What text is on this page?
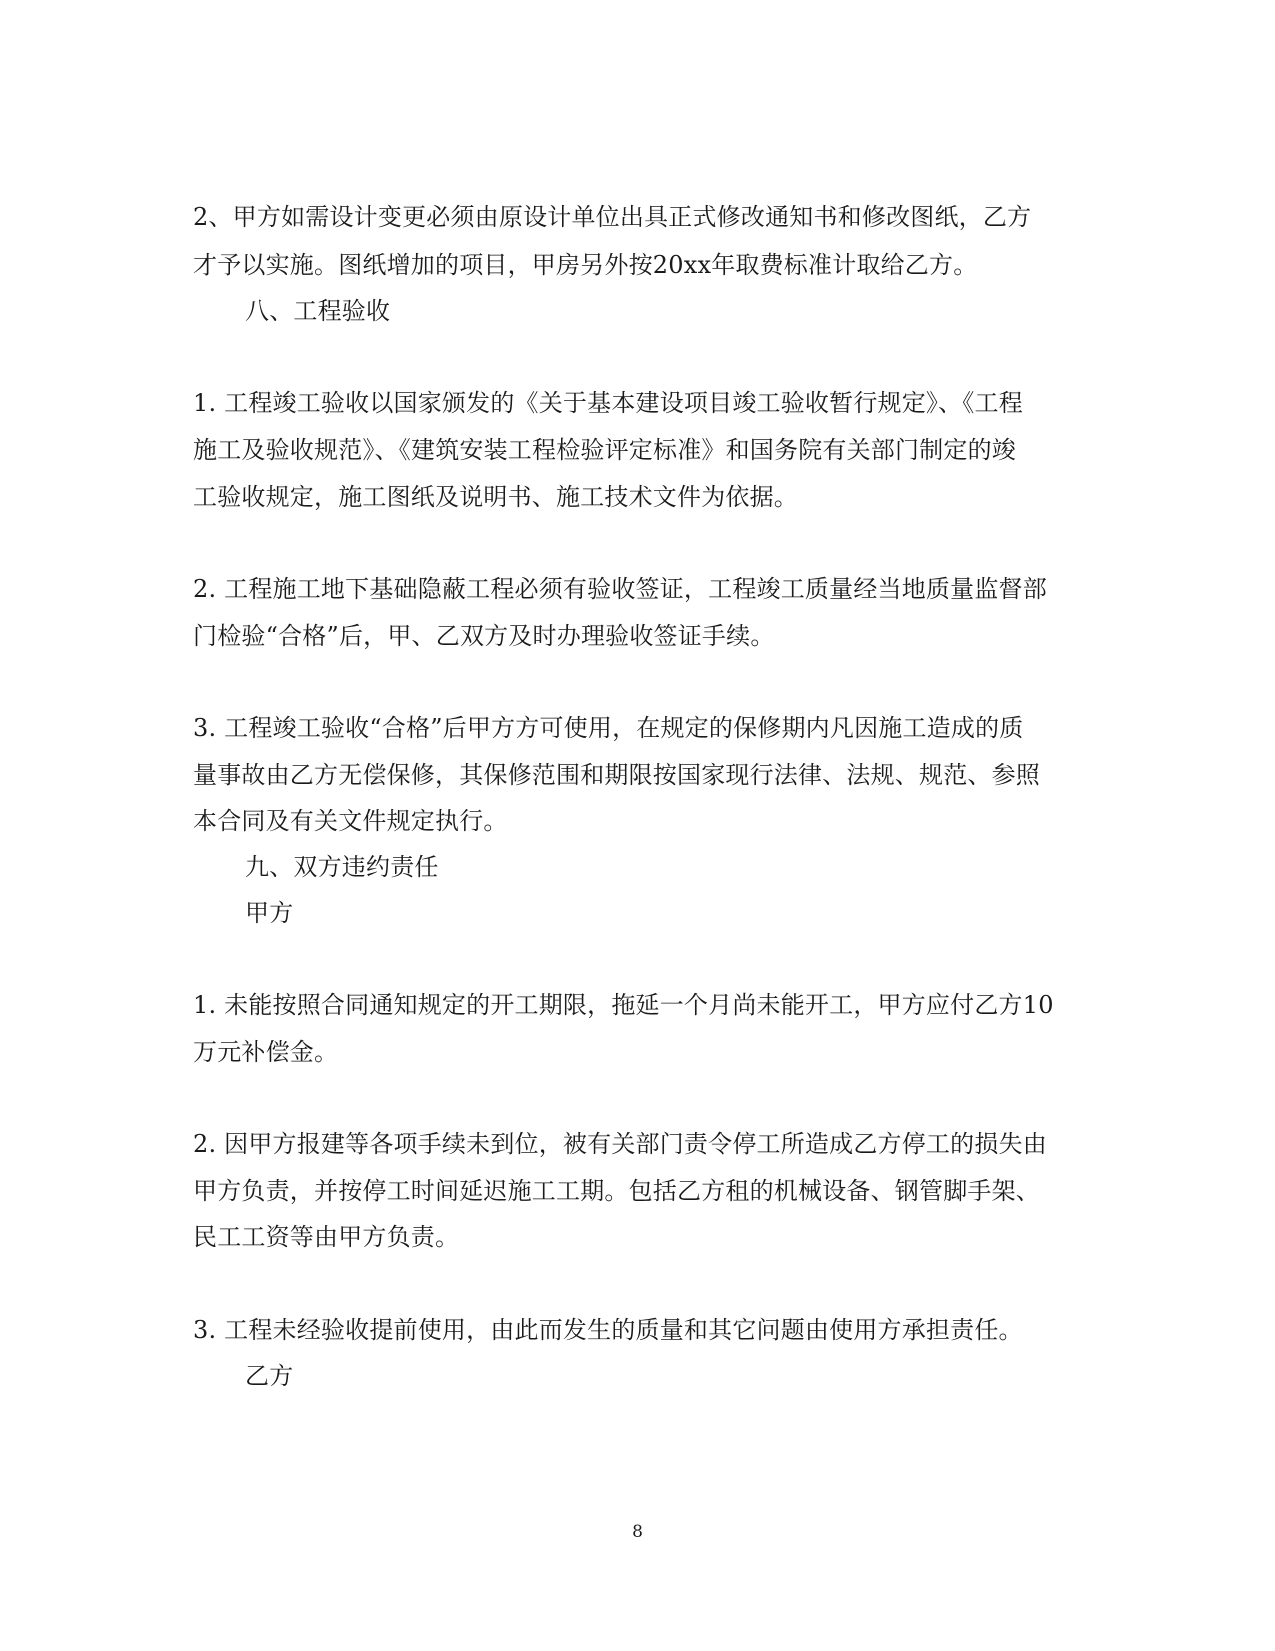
2、甲方如需设计变更必须由原设计单位出具正式修改通知书和修改图纸，乙方
才予以实施。图纸增加的项目，甲房另外按20xx年取费标准计取给乙方。
八、工程验收
1. 工程竣工验收以国家颁发的《关于基本建设项目竣工验收暂行规定》、《工程
施工及验收规范》、《建筑安装工程检验评定标准》和国务院有关部门制定的竣
工验收规定，施工图纸及说明书、施工技术文件为依据。
2. 工程施工地下基础隐蔽工程必须有验收签证，工程竣工质量经当地质量监督部
门检验“合格”后，甲、乙双方及时办理验收签证手续。
3. 工程竣工验收“合格”后甲方方可使用，在规定的保修期内凡因施工造成的质
量事故由乙方无偿保修，其保修范围和期限按国家现行法律、法规、规范、参照
本合同及有关文件规定执行。
九、双方违约责任
甲方
1. 未能按照合同通知规定的开工期限，拖延一个月尚未能开工，甲方应付乙方10
万元补偿金。
2. 因甲方报建等各项手续未到位，被有关部门责令停工所造成乙方停工的损失由
甲方负责，并按停工时间延迟施工工期。包括乙方租的机械设备、钢管脚手架、
民工工资等由甲方负责。
3. 工程未经验收提前使用，由此而发生的质量和其它问题由使用方承担责任。
乙方
8
